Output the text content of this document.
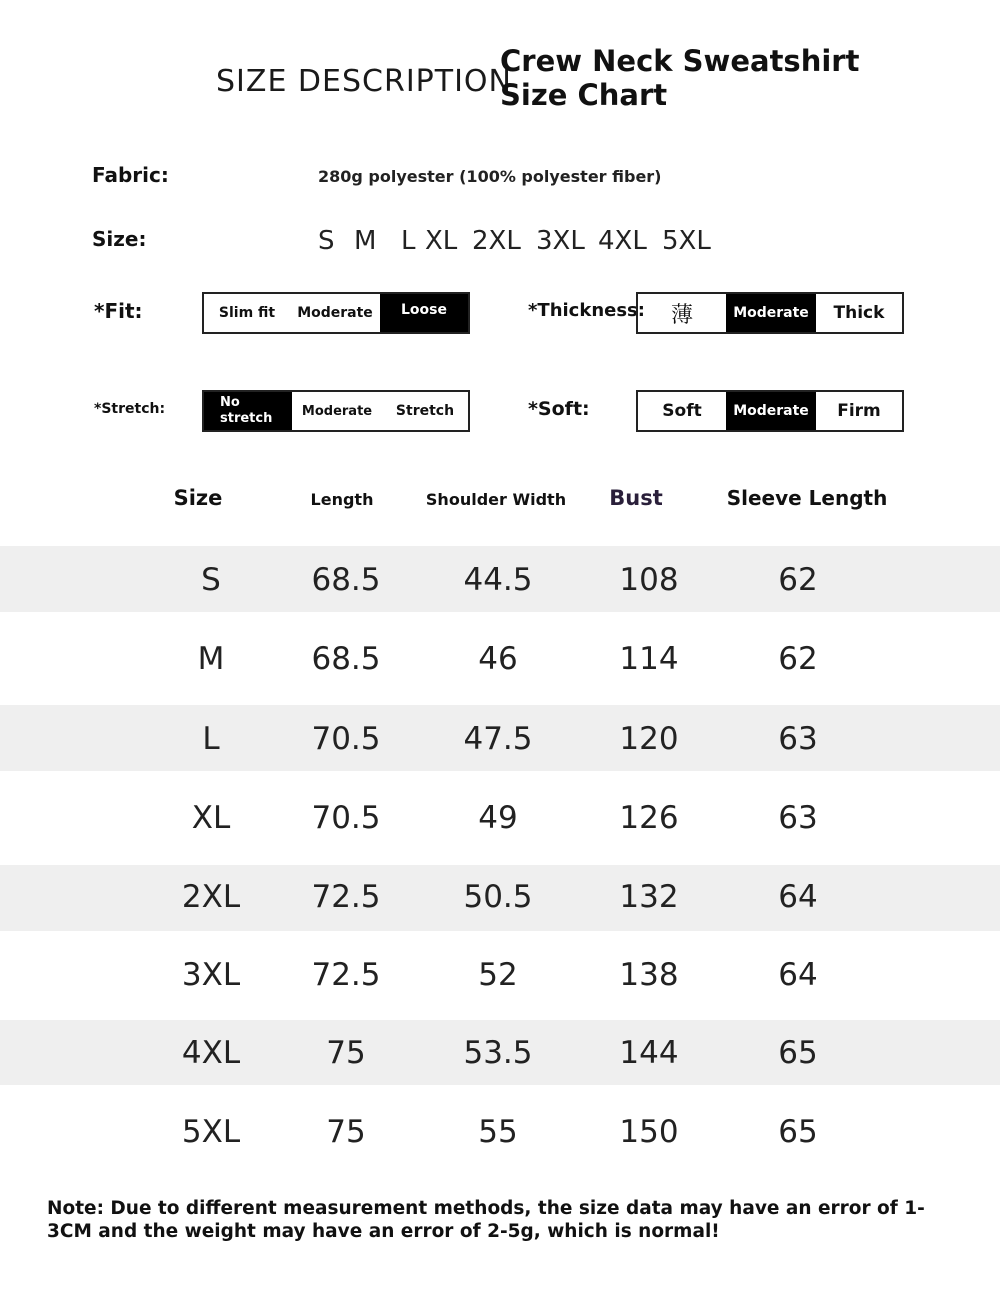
SIZE DESCRIPTION
Crew Neck Sweatshirt
Size Chart
Fabric:	280g polyester (100% polyester fiber)
Size:	S M L XL 2XL 3XL 4XL 5XL
*Fit:	Slim fit	Moderate	Loose	*Thickness:	薄	Moderate	Thick
*Stretch:	No stretch	Moderate	Stretch	*Soft:	Soft	Moderate	Firm
Size	Length	Shoulder Width	Bust	Sleeve Length
S	68.5	44.5	108	62
M	68.5	46	114	62
L	70.5	47.5	120	63
XL	70.5	49	126	63
2XL	72.5	50.5	132	64
3XL	72.5	52	138	64
4XL	75	53.5	144	65
5XL	75	55	150	65
Note: Due to different measurement methods, the size data may have an error of 1-3CM and the weight may have an error of 2-5g, which is normal!
